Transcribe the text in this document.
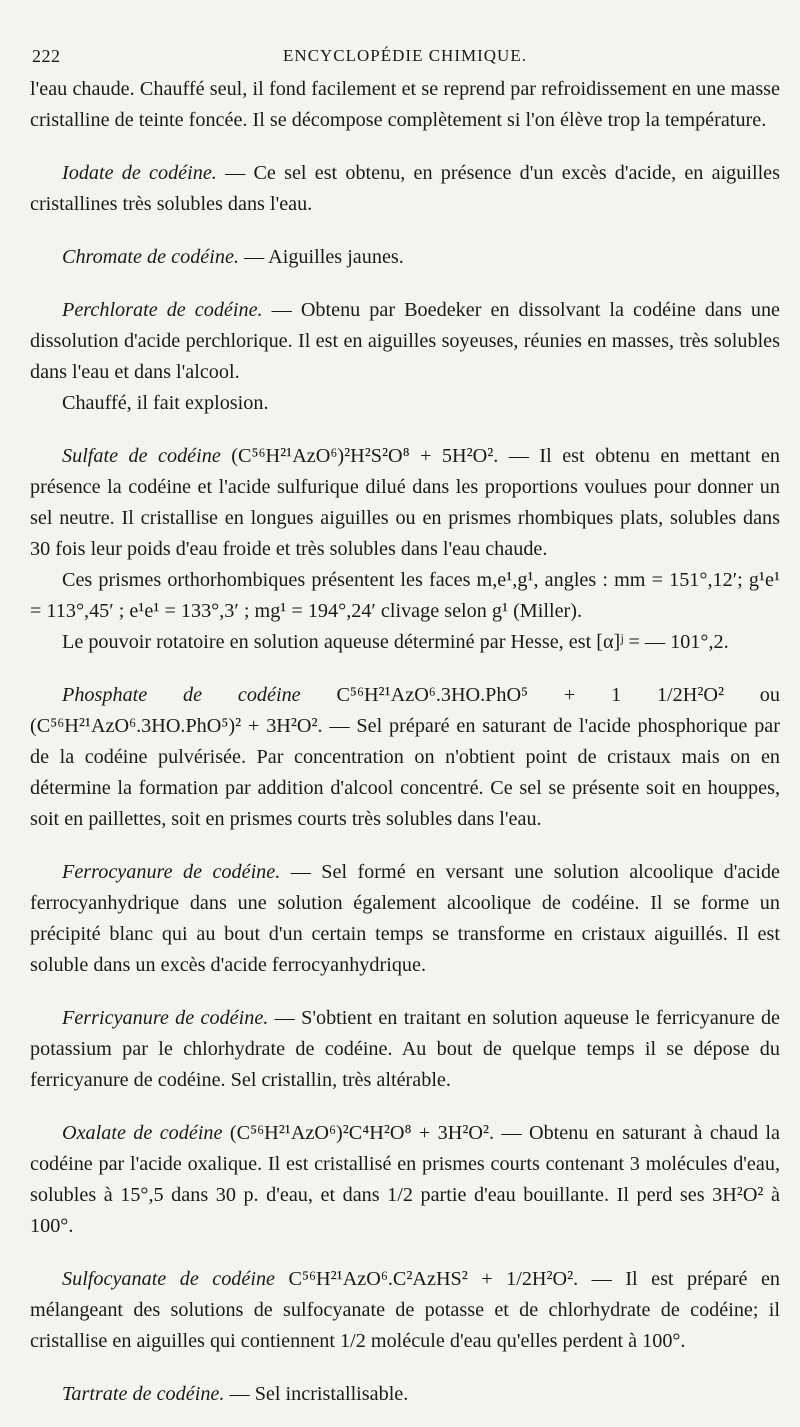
222	ENCYCLOPÉDIE CHIMIQUE.

l'eau chaude. Chauffé seul, il fond facilement et se reprend par refroidissement en une masse cristalline de teinte foncée. Il se décompose complètement si l'on élève trop la température.

Iodate de codéine. — Ce sel est obtenu, en présence d'un excès d'acide, en aiguilles cristallines très solubles dans l'eau.

Chromate de codéine. — Aiguilles jaunes.

Perchlorate de codéine. — Obtenu par Boedeker en dissolvant la codéine dans une dissolution d'acide perchlorique. Il est en aiguilles soyeuses, réunies en masses, très solubles dans l'eau et dans l'alcool.

Chauffé, il fait explosion.

Sulfate de codéine (C⁵⁶H²¹AzO⁶)²H²S²O⁸ + 5H²O². — Il est obtenu en mettant en présence la codéine et l'acide sulfurique dilué dans les proportions voulues pour donner un sel neutre. Il cristallise en longues aiguilles ou en prismes rhombiques plats, solubles dans 30 fois leur poids d'eau froide et très solubles dans l'eau chaude.

Ces prismes orthorhombiques présentent les faces m,e¹,g¹, angles : mm = 151°,12′; g¹e¹ = 113°,45′ ; e¹e¹ = 133°,3′ ; mg¹ = 194°,24′ clivage selon g¹ (Miller).

Le pouvoir rotatoire en solution aqueuse déterminé par Hesse, est [α]ʲ = — 101°,2.

Phosphate de codéine C⁵⁶H²¹AzO⁶.3HO.PhO⁵ + 1 1/2H²O² ou (C⁵⁶H²¹AzO⁶.3HO.PhO⁵)² + 3H²O². — Sel préparé en saturant de l'acide phosphorique par de la codéine pulvérisée. Par concentration on n'obtient point de cristaux mais on en détermine la formation par addition d'alcool concentré. Ce sel se présente soit en houppes, soit en paillettes, soit en prismes courts très solubles dans l'eau.

Ferrocyanure de codéine. — Sel formé en versant une solution alcoolique d'acide ferrocyanhydrique dans une solution également alcoolique de codéine. Il se forme un précipité blanc qui au bout d'un certain temps se transforme en cristaux aiguillés. Il est soluble dans un excès d'acide ferrocyanhydrique.

Ferricyanure de codéine. — S'obtient en traitant en solution aqueuse le ferricyanure de potassium par le chlorhydrate de codéine. Au bout de quelque temps il se dépose du ferricyanure de codéine. Sel cristallin, très altérable.

Oxalate de codéine (C⁵⁶H²¹AzO⁶)²C⁴H²O⁸ + 3H²O². — Obtenu en saturant à chaud la codéine par l'acide oxalique. Il est cristallisé en prismes courts contenant 3 molécules d'eau, solubles à 15°,5 dans 30 p. d'eau, et dans 1/2 partie d'eau bouillante. Il perd ses 3H²O² à 100°.

Sulfocyanate de codéine C⁵⁶H²¹AzO⁶.C²AzHS² + 1/2H²O². — Il est préparé en mélangeant des solutions de sulfocyanate de potasse et de chlorhydrate de codéine; il cristallise en aiguilles qui contiennent 1/2 molécule d'eau qu'elles perdent à 100°.

Tartrate de codéine. — Sel incristallisable.
